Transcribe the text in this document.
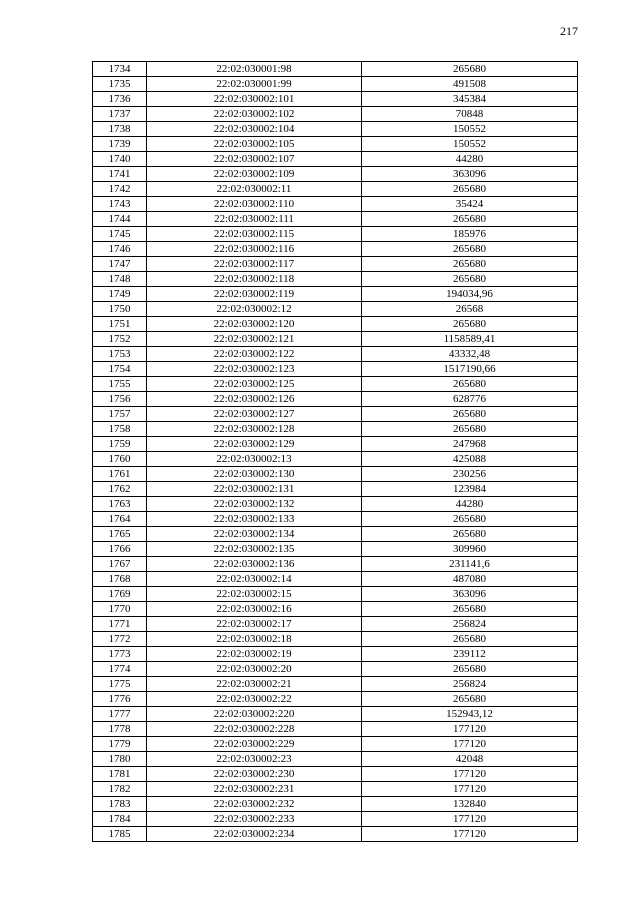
217
1734	22:02:030001:98	265680
1735	22:02:030001:99	491508
1736	22:02:030002:101	345384
1737	22:02:030002:102	70848
1738	22:02:030002:104	150552
1739	22:02:030002:105	150552
1740	22:02:030002:107	44280
1741	22:02:030002:109	363096
1742	22:02:030002:11	265680
1743	22:02:030002:110	35424
1744	22:02:030002:111	265680
1745	22:02:030002:115	185976
1746	22:02:030002:116	265680
1747	22:02:030002:117	265680
1748	22:02:030002:118	265680
1749	22:02:030002:119	194034,96
1750	22:02:030002:12	26568
1751	22:02:030002:120	265680
1752	22:02:030002:121	1158589,41
1753	22:02:030002:122	43332,48
1754	22:02:030002:123	1517190,66
1755	22:02:030002:125	265680
1756	22:02:030002:126	628776
1757	22:02:030002:127	265680
1758	22:02:030002:128	265680
1759	22:02:030002:129	247968
1760	22:02:030002:13	425088
1761	22:02:030002:130	230256
1762	22:02:030002:131	123984
1763	22:02:030002:132	44280
1764	22:02:030002:133	265680
1765	22:02:030002:134	265680
1766	22:02:030002:135	309960
1767	22:02:030002:136	231141,6
1768	22:02:030002:14	487080
1769	22:02:030002:15	363096
1770	22:02:030002:16	265680
1771	22:02:030002:17	256824
1772	22:02:030002:18	265680
1773	22:02:030002:19	239112
1774	22:02:030002:20	265680
1775	22:02:030002:21	256824
1776	22:02:030002:22	265680
1777	22:02:030002:220	152943,12
1778	22:02:030002:228	177120
1779	22:02:030002:229	177120
1780	22:02:030002:23	42048
1781	22:02:030002:230	177120
1782	22:02:030002:231	177120
1783	22:02:030002:232	132840
1784	22:02:030002:233	177120
1785	22:02:030002:234	177120
